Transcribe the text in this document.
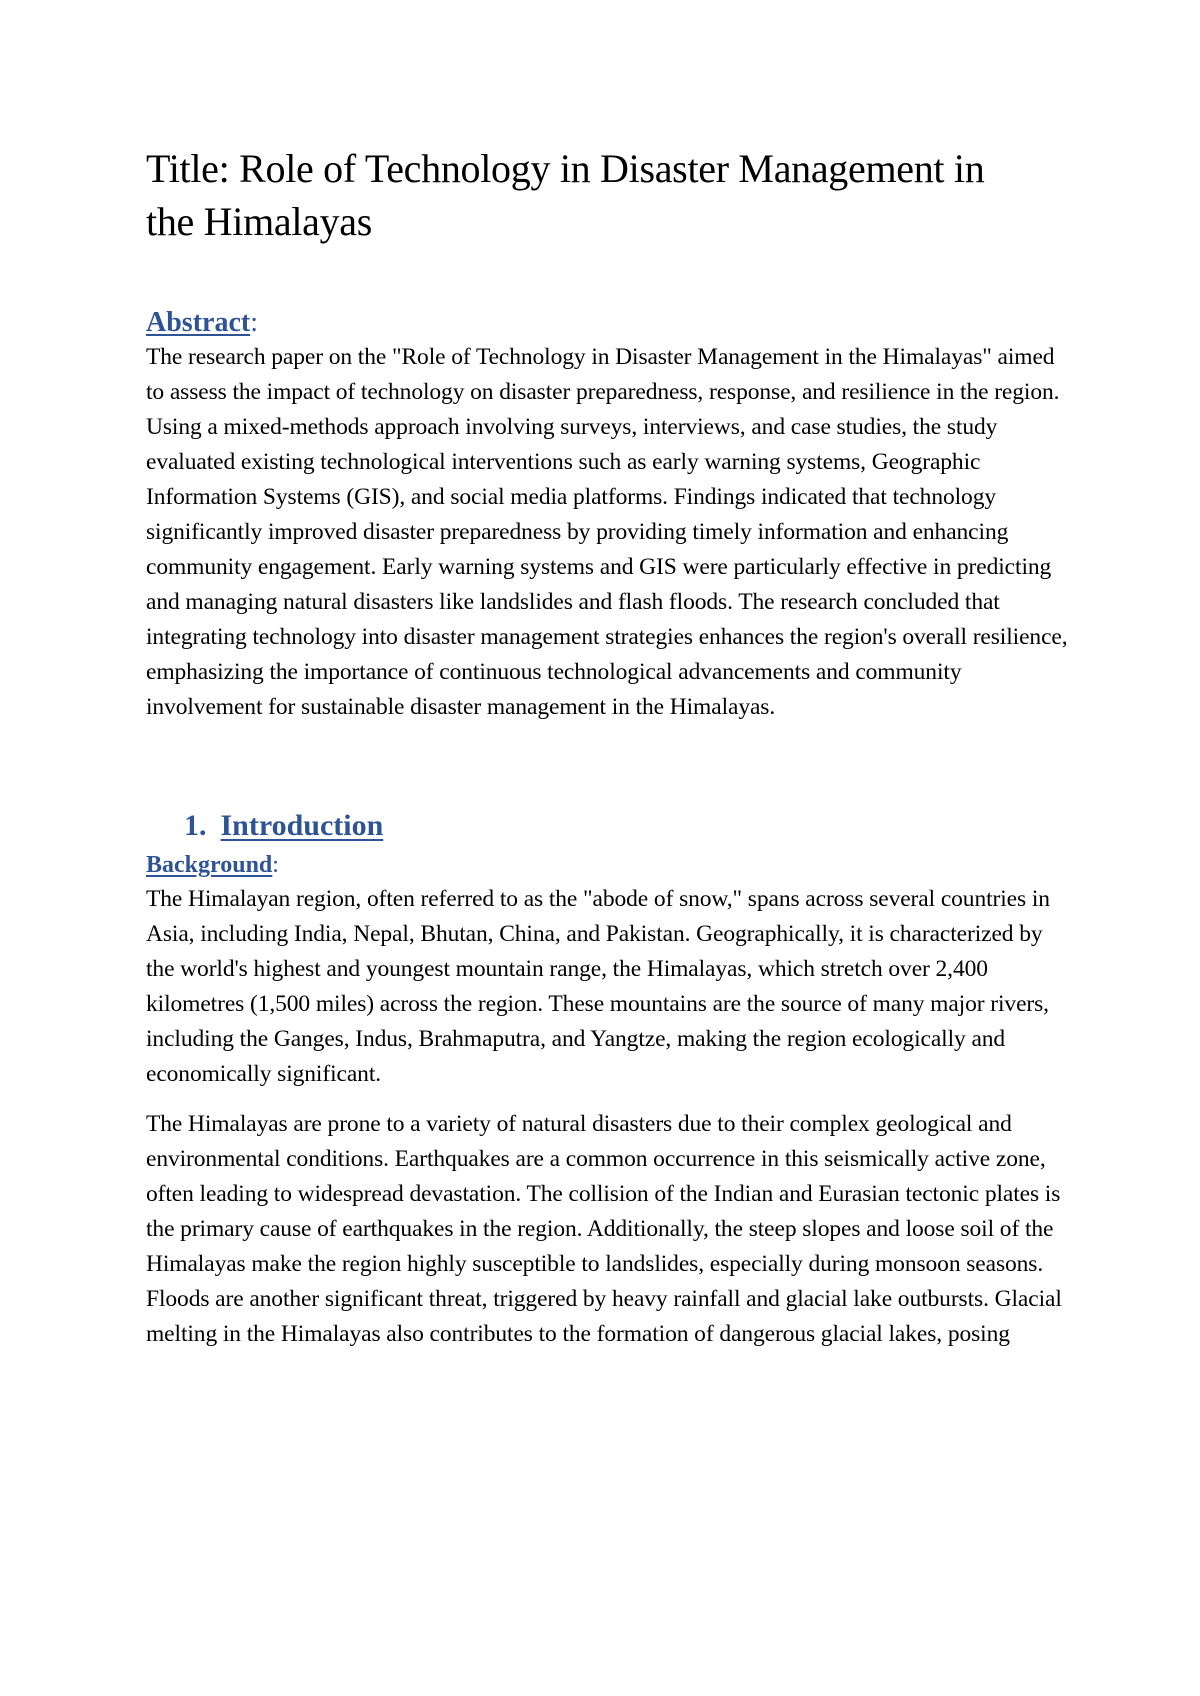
Title: Role of Technology in Disaster Management in
the Himalayas
Abstract:

The research paper on the "Role of Technology in Disaster Management in the Himalayas" aimed to assess the impact of technology on disaster preparedness, response, and resilience in the region. Using a mixed-methods approach involving surveys, interviews, and case studies, the study evaluated existing technological interventions such as early warning systems, Geographic Information Systems (GIS), and social media platforms. Findings indicated that technology significantly improved disaster preparedness by providing timely information and enhancing community engagement. Early warning systems and GIS were particularly effective in predicting and managing natural disasters like landslides and flash floods. The research concluded that integrating technology into disaster management strategies enhances the region's overall resilience, emphasizing the importance of continuous technological advancements and community involvement for sustainable disaster management in the Himalayas.

1. Introduction
Background:

The Himalayan region, often referred to as the "abode of snow," spans across several countries in Asia, including India, Nepal, Bhutan, China, and Pakistan. Geographically, it is characterized by the world's highest and youngest mountain range, the Himalayas, which stretch over 2,400 kilometres (1,500 miles) across the region. These mountains are the source of many major rivers, including the Ganges, Indus, Brahmaputra, and Yangtze, making the region ecologically and economically significant.

The Himalayas are prone to a variety of natural disasters due to their complex geological and environmental conditions. Earthquakes are a common occurrence in this seismically active zone, often leading to widespread devastation. The collision of the Indian and Eurasian tectonic plates is the primary cause of earthquakes in the region. Additionally, the steep slopes and loose soil of the Himalayas make the region highly susceptible to landslides, especially during monsoon seasons. Floods are another significant threat, triggered by heavy rainfall and glacial lake outbursts. Glacial melting in the Himalayas also contributes to the formation of dangerous glacial lakes, posing
